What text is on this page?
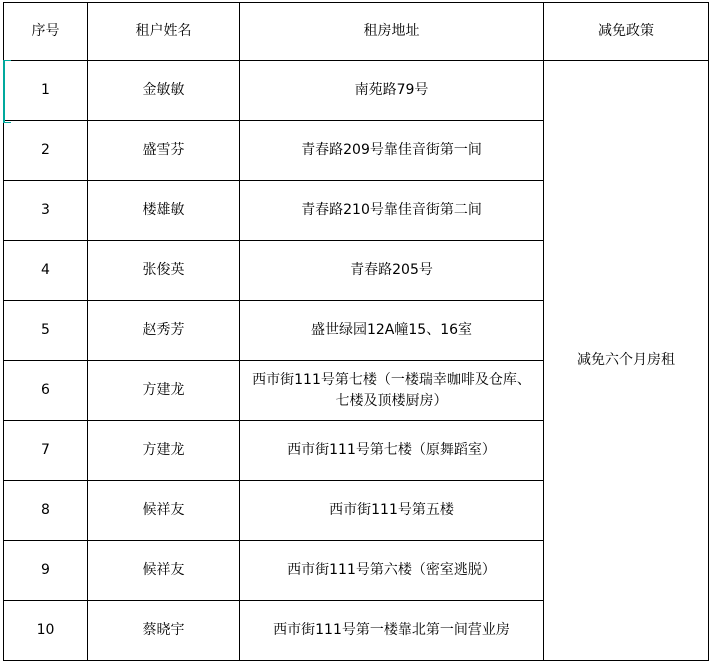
序号	租户姓名	租房地址	减免政策
1	金敏敏	南苑路79号	减免六个月房租
2	盛雪芬	青春路209号靠佳音街第一间	
3	楼雄敏	青春路210号靠佳音街第二间	
4	张俊英	青春路205号	
5	赵秀芳	盛世绿园12A幢15、16室	
6	方建龙	西市街111号第七楼（一楼瑞幸咖啡及仓库、七楼及顶楼厨房）	
7	方建龙	西市街111号第七楼（原舞蹈室）	
8	候祥友	西市街111号第五楼	
9	候祥友	西市街111号第六楼（密室逃脱）	
10	蔡晓宇	西市街111号第一楼靠北第一间营业房	
